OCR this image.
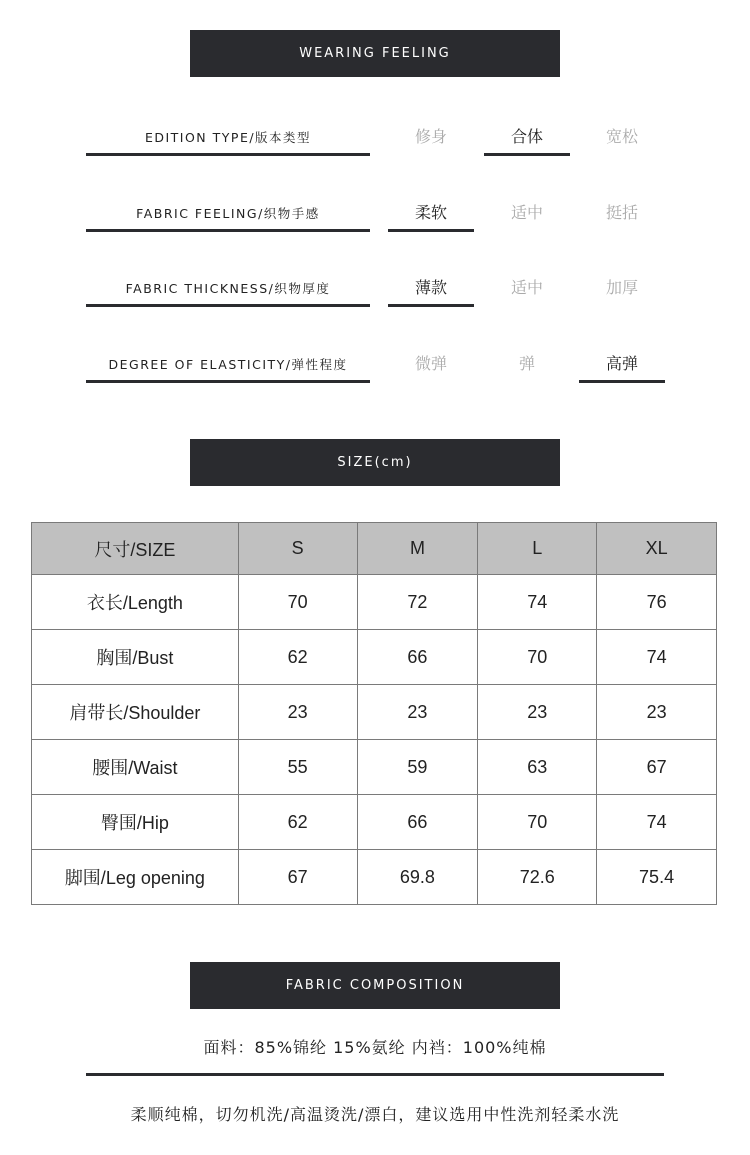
WEARING FEELING
EDITION TYPE/版本类型	修身	合体	宽松
FABRIC FEELING/织物手感	柔软	适中	挺括
FABRIC THICKNESS/织物厚度	薄款	适中	加厚
DEGREE OF ELASTICITY/弹性程度	微弹	弹	高弹
SIZE(cm)
尺寸/SIZE	S	M	L	XL
衣长/Length	70	72	74	76
胸围/Bust	62	66	70	74
肩带长/Shoulder	23	23	23	23
腰围/Waist	55	59	63	67
臀围/Hip	62	66	70	74
脚围/Leg opening	67	69.8	72.6	75.4
FABRIC COMPOSITION
面料：85%锦纶 15%氨纶 内裆：100%纯棉
柔顺纯棉，切勿机洗/高温烫洗/漂白，建议选用中性洗剂轻柔水洗
